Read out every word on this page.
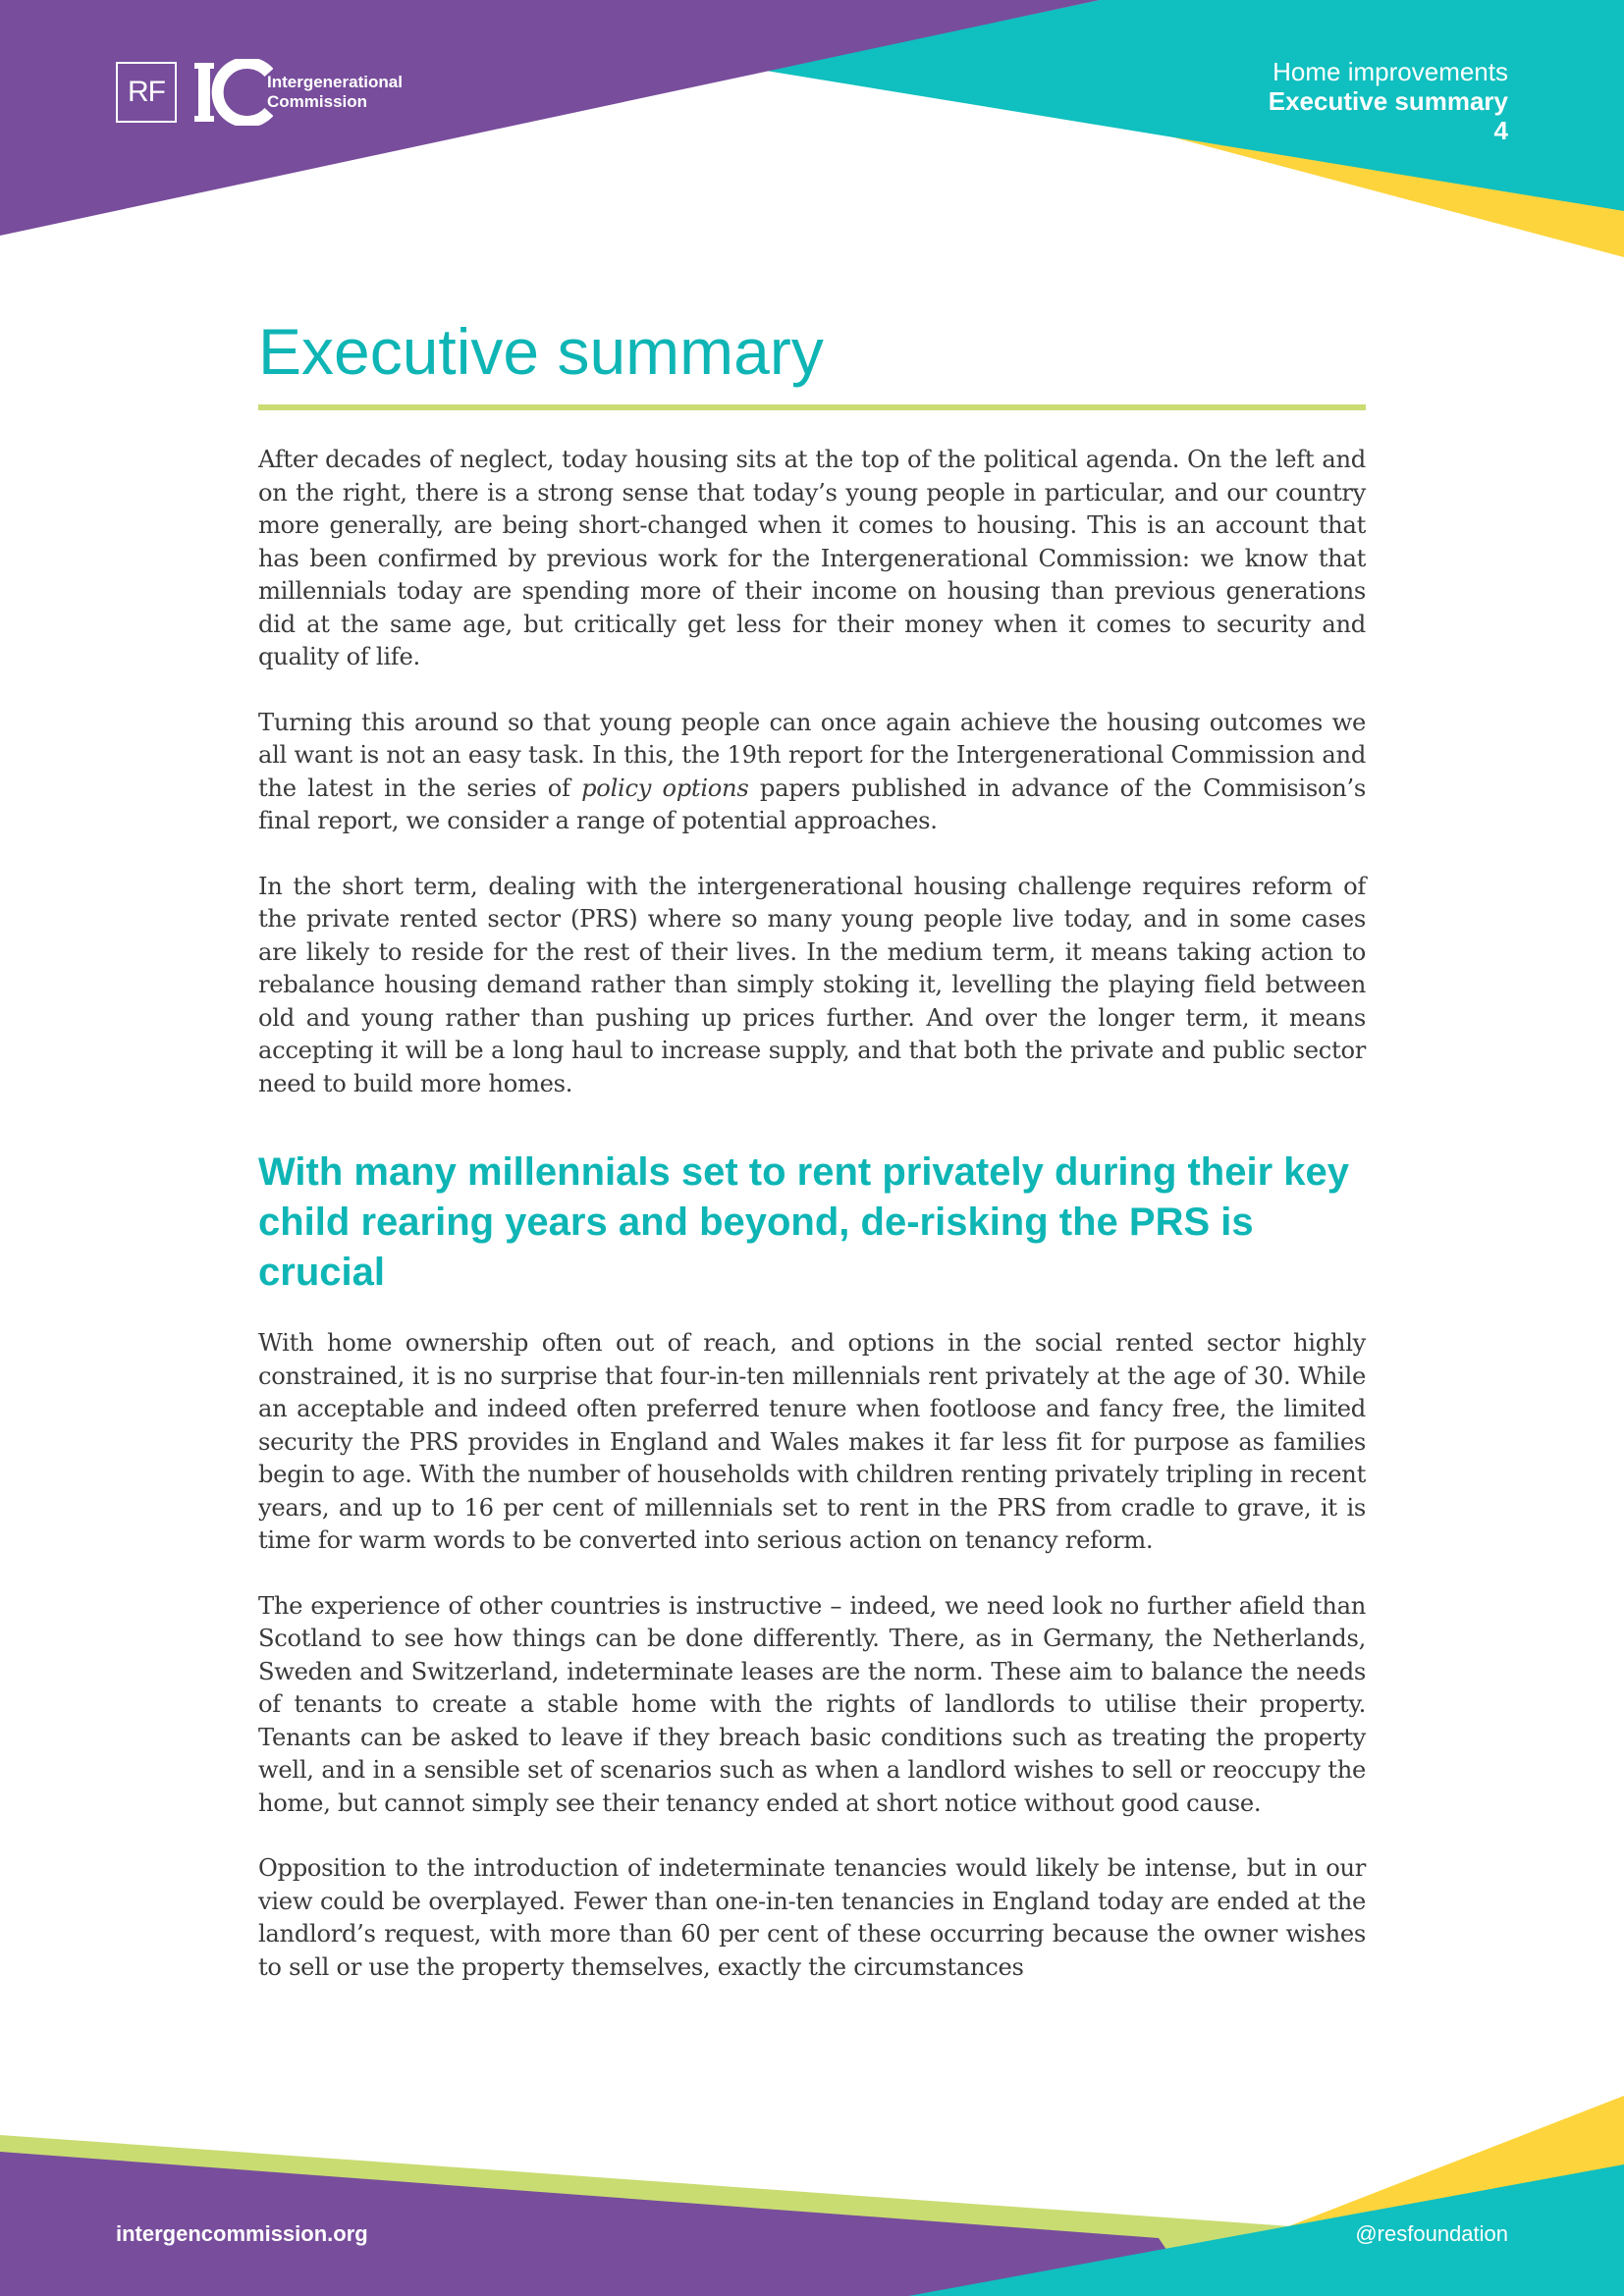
RF	Intergenerational
Commission
Home improvements
Executive summary
4
Executive summary

After decades of neglect, today housing sits at the top of the political agenda. On the left and on the right, there is a strong sense that today’s young people in particular, and our country more generally, are being short-changed when it comes to housing. This is an account that has been confirmed by previous work for the Intergenerational Commission: we know that millennials today are spending more of their income on housing than previous generations did at the same age, but critically get less for their money when it comes to security and quality of life.

Turning this around so that young people can once again achieve the housing outcomes we all want is not an easy task. In this, the 19th report for the Intergenerational Commission and the latest in the series of policy options papers published in advance of the Commisison’s final report, we consider a range of potential approaches.

In the short term, dealing with the intergenerational housing challenge requires reform of the private rented sector (PRS) where so many young people live today, and in some cases are likely to reside for the rest of their lives. In the medium term, it means taking action to rebalance housing demand rather than simply stoking it, levelling the playing field between old and young rather than pushing up prices further. And over the longer term, it means accepting it will be a long haul to increase supply, and that both the private and public sector need to build more homes.

With many millennials set to rent privately during their key child rearing years and beyond, de-risking the PRS is crucial

With home ownership often out of reach, and options in the social rented sector highly constrained, it is no surprise that four-in-ten millennials rent privately at the age of 30. While an acceptable and indeed often preferred tenure when footloose and fancy free, the limited security the PRS provides in England and Wales makes it far less fit for purpose as families begin to age. With the number of households with children renting privately tripling in recent years, and up to 16 per cent of millennials set to rent in the PRS from cradle to grave, it is time for warm words to be converted into serious action on tenancy reform.

The experience of other countries is instructive – indeed, we need look no further afield than Scotland to see how things can be done differently. There, as in Germany, the Netherlands, Sweden and Switzerland, indeterminate leases are the norm. These aim to balance the needs of tenants to create a stable home with the rights of landlords to utilise their property. Tenants can be asked to leave if they breach basic conditions such as treating the property well, and in a sensible set of scenarios such as when a landlord wishes to sell or reoccupy the home, but cannot simply see their tenancy ended at short notice without good cause.

Opposition to the introduction of indeterminate tenancies would likely be intense, but in our view could be overplayed. Fewer than one-in-ten tenancies in England today are ended at the landlord’s request, with more than 60 per cent of these occurring because the owner wishes to sell or use the property themselves, exactly the circumstances

intergencommission.org	@resfoundation
